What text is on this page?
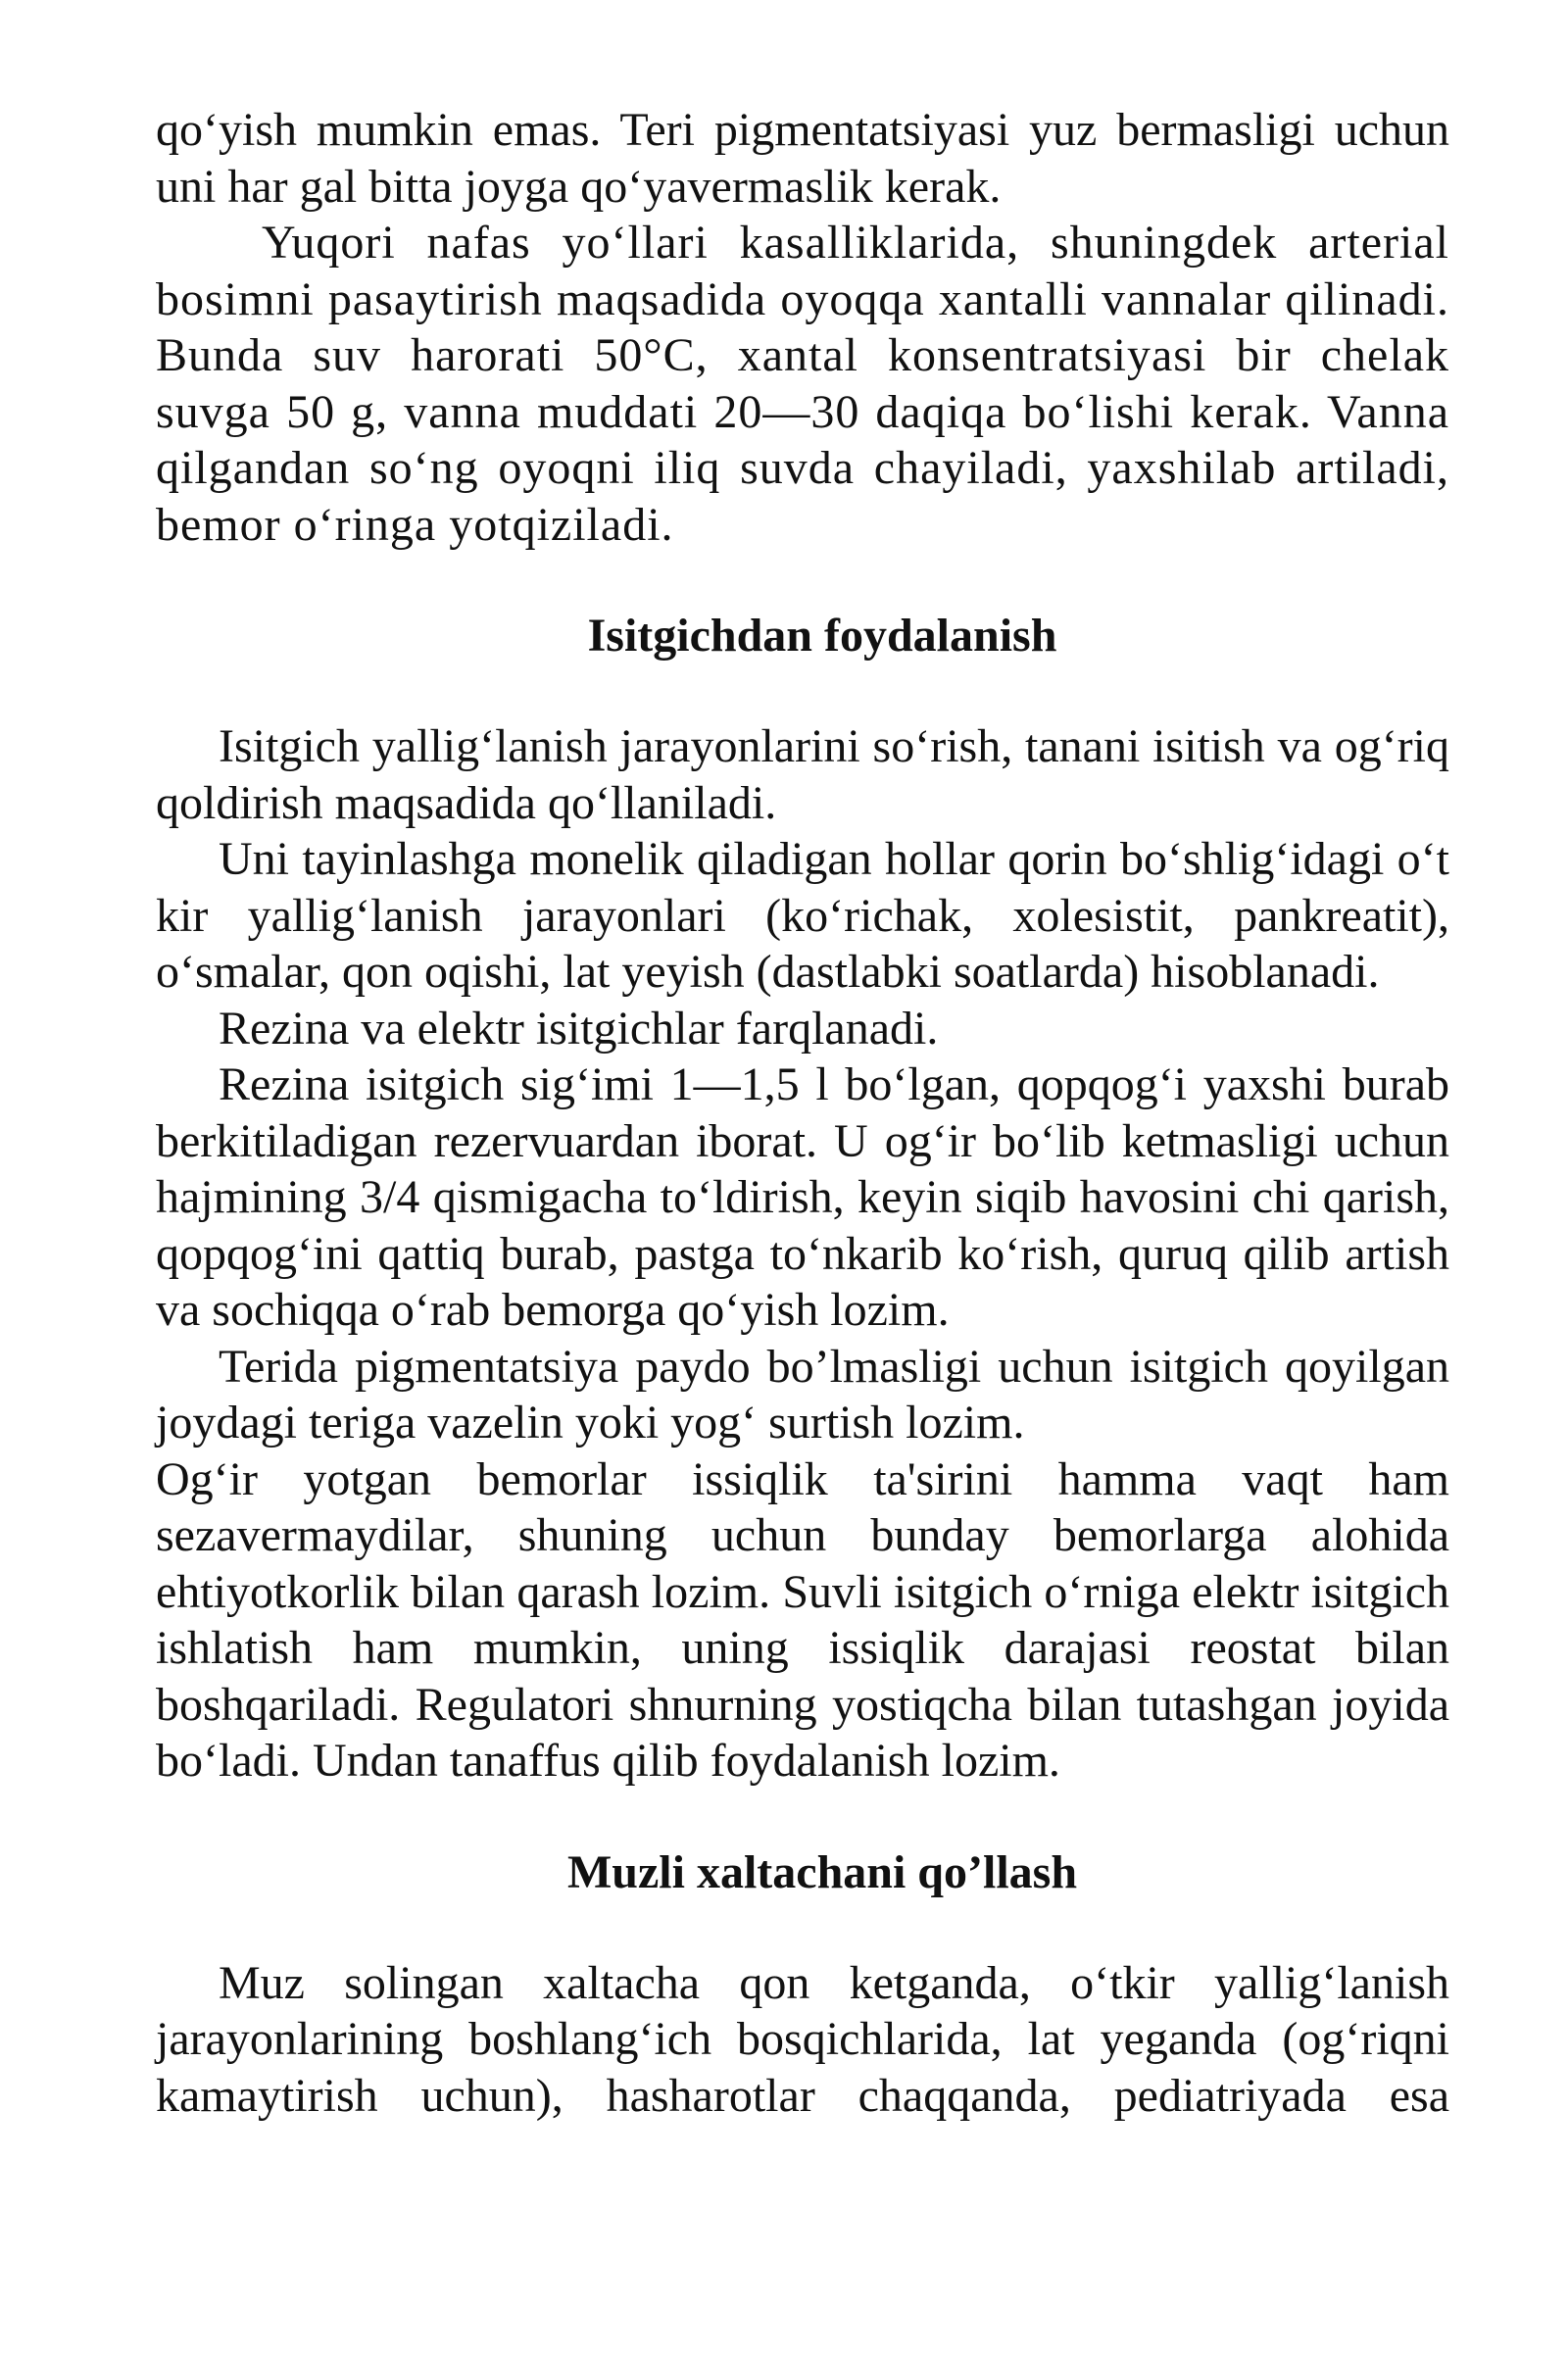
qo‘yish mumkin emas. Teri pigmentatsiyasi yuz bermasligi uchun uni har gal bitta joyga qo‘yavermaslik kerak.

Yuqori nafas yo‘llari kasalliklarida, shuningdek arterial bosimni pasaytirish maqsadida oyoqqa xantalli vannalar qilinadi. Bunda suv harorati 50°C, xantal konsentratsiyasi bir chelak suvga 50 g, vanna muddati 20—30 daqiqa bo‘lishi kerak. Vanna qilgandan so‘ng oyoqni iliq suvda chayiladi, yaxshilab artiladi, bemor o‘ringa yotqiziladi.

Isitgichdan foydalanish

Isitgich yallig‘lanish jarayonlarini so‘rish, tanani isitish va og‘riq qoldirish maqsadida qo‘llaniladi.

Uni tayinlashga monelik qiladigan hollar qorin bo‘shlig‘idagi o‘t kir yallig‘lanish jarayonlari (ko‘richak, xolesistit, pankreatit), o‘smalar, qon oqishi, lat yeyish (dastlabki soatlarda) hisoblanadi.

Rezina va elektr isitgichlar farqlanadi.

Rezina isitgich sig‘imi 1—1,5 l bo‘lgan, qopqog‘i yaxshi burab berkitiladigan rezervuardan iborat. U og‘ir bo‘lib ketmasligi uchun hajmining 3/4 qismigacha to‘ldirish, keyin siqib havosini chi qarish, qopqog‘ini qattiq burab, pastga to‘nkarib ko‘rish, quruq qilib artish va sochiqqa o‘rab bemorga qo‘yish lozim.

Terida pigmentatsiya paydo bo’lmasligi uchun isitgich qoyilgan joydagi teriga vazelin yoki yog‘ surtish lozim.

Og‘ir yotgan bemorlar issiqlik ta'sirini hamma vaqt ham sezavermaydilar, shuning uchun bunday bemorlarga alohida ehtiyotkorlik bilan qarash lozim. Suvli isitgich o‘rniga elektr isitgich ishlatish ham mumkin, uning issiqlik darajasi reostat bilan boshqariladi. Regulatori shnurning yostiqcha bilan tutashgan joyida bo‘ladi. Undan tanaffus qilib foydalanish lozim.

Muzli xaltachani qo’llash

Muz solingan xaltacha qon ketganda, o‘tkir yallig‘lanish jarayonlarining boshlang‘ich bosqichlarida, lat yeganda (og‘riqni kamaytirish uchun), hasharotlar chaqqanda, pediatriyada esa
